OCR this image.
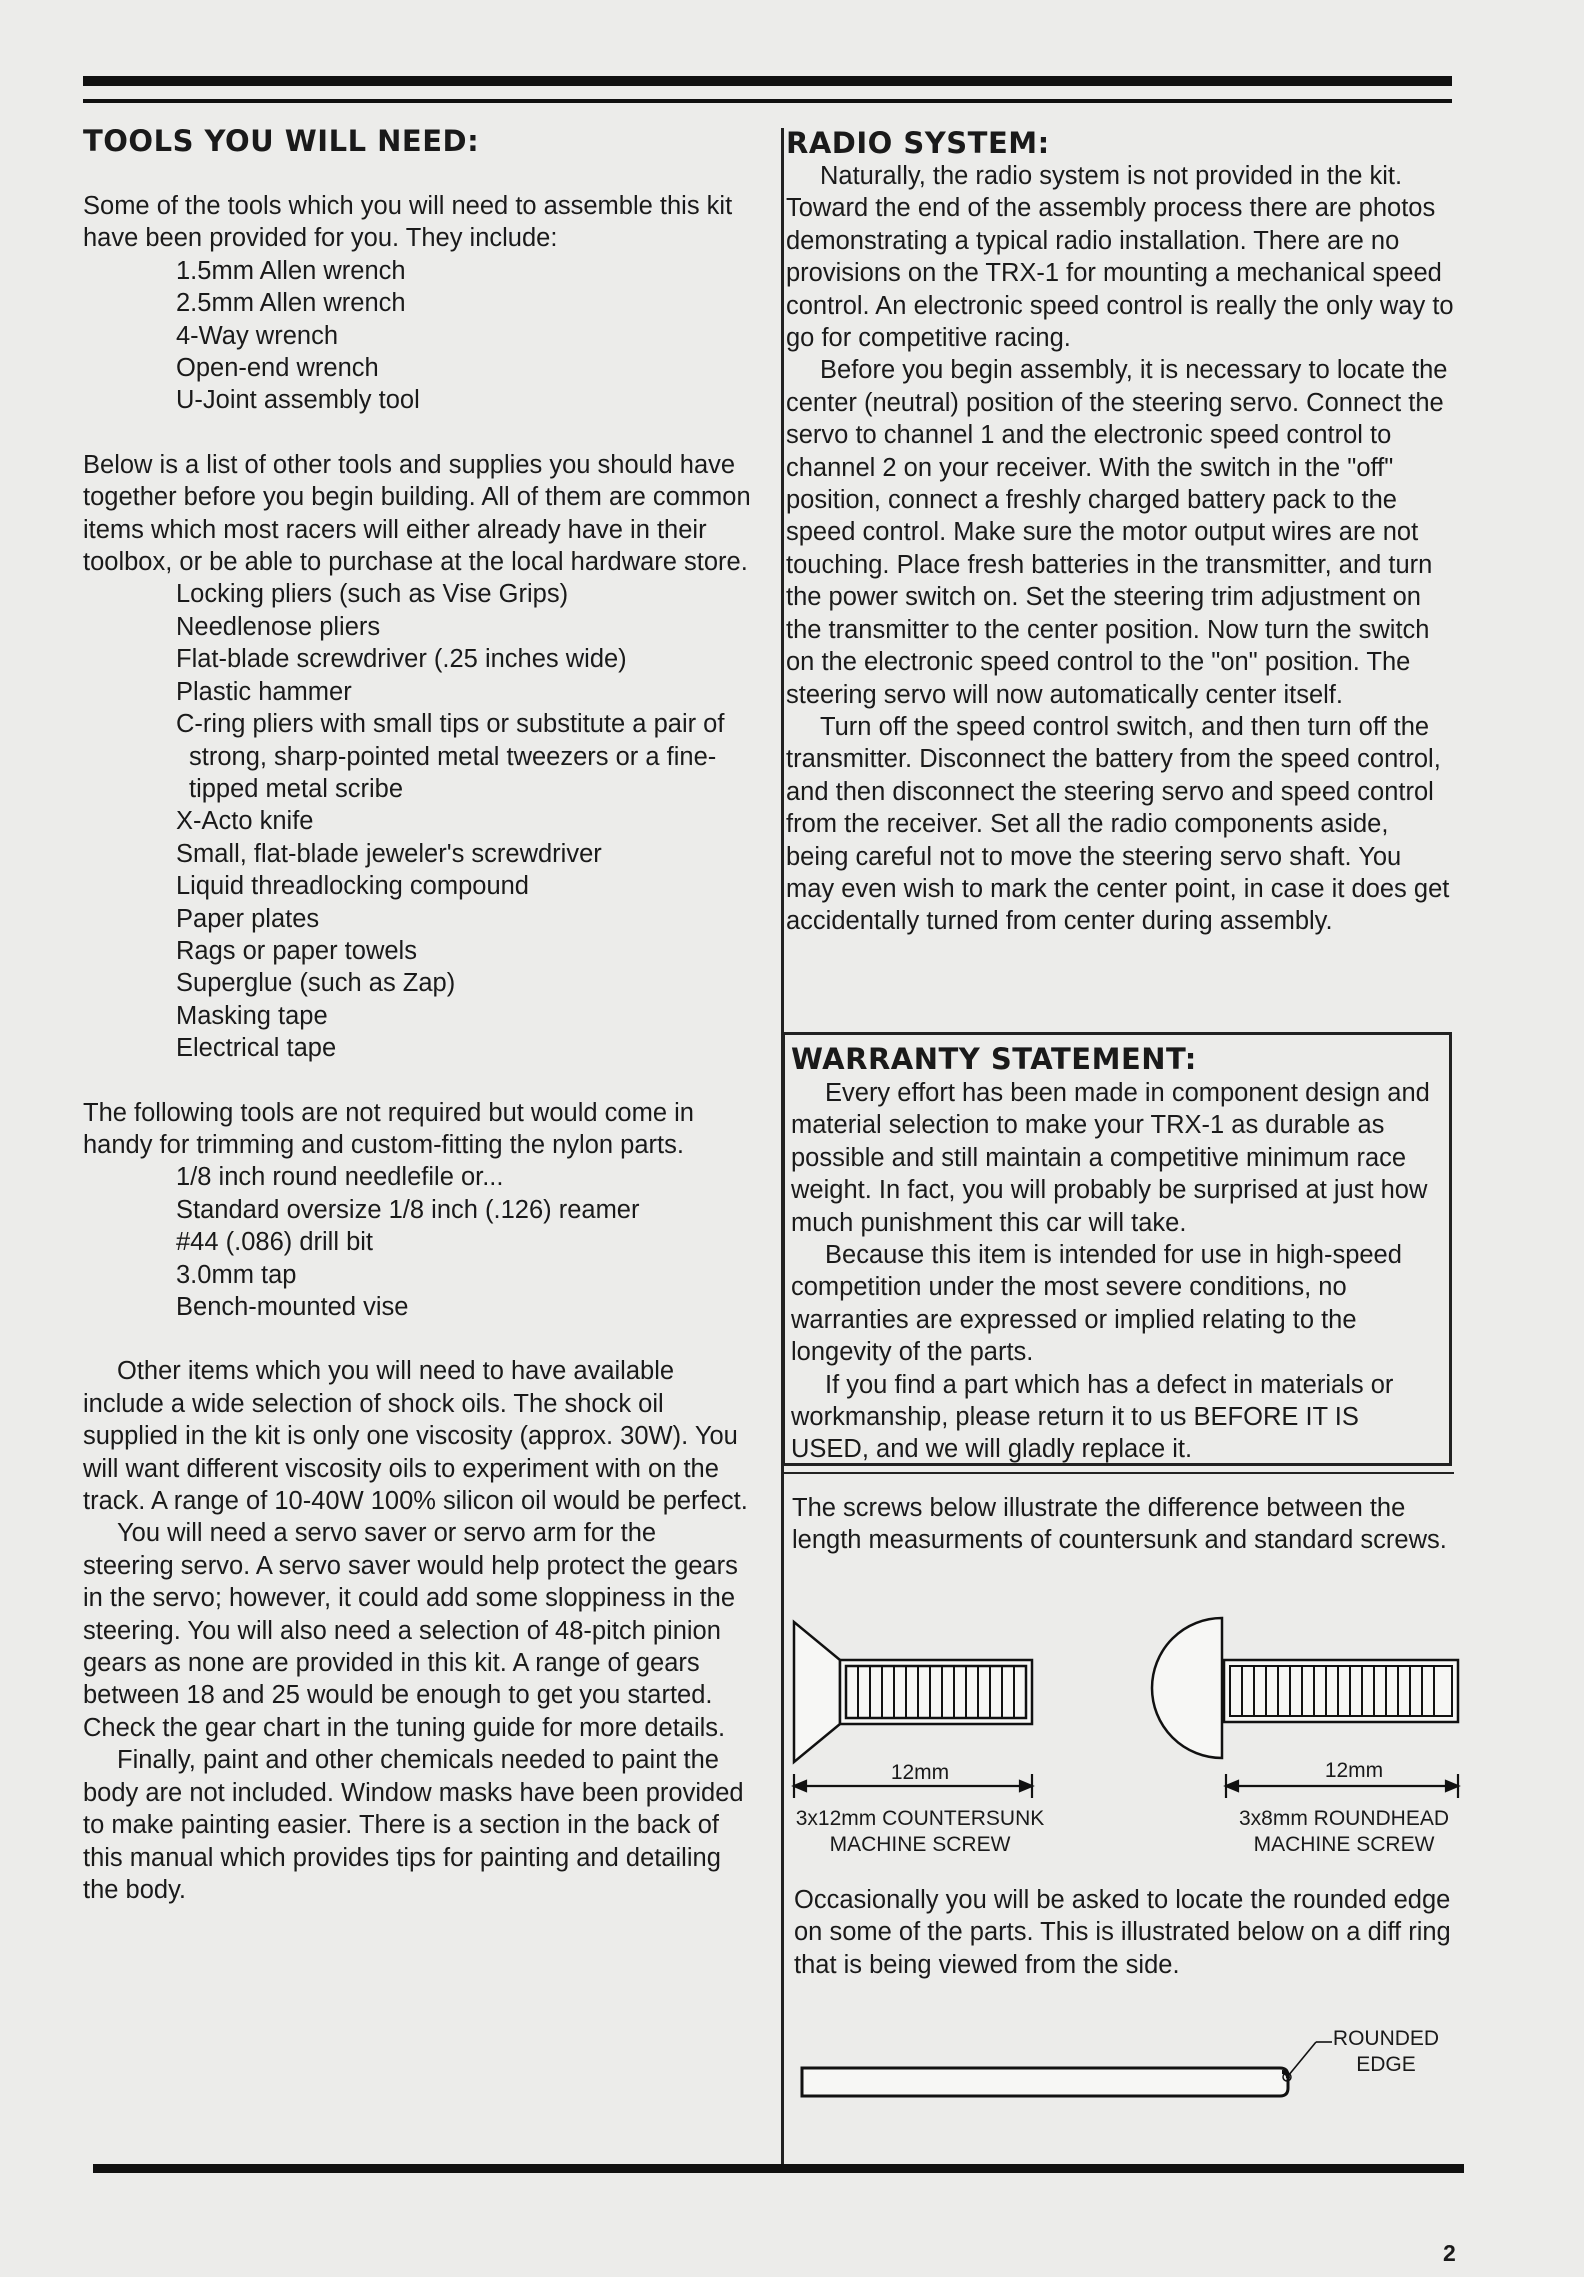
TOOLS YOU WILL NEED:

Some of the tools which you will need to assemble this kit have been provided for you. They include:

1.5mm Allen wrench
2.5mm Allen wrench
4-Way wrench
Open-end wrench
U-Joint assembly tool

Below is a list of other tools and supplies you should have together before you begin building. All of them are common items which most racers will either already have in their toolbox, or be able to purchase at the local hardware store.

Locking pliers (such as Vise Grips)
Needlenose pliers
Flat-blade screwdriver (.25 inches wide)
Plastic hammer
C-ring pliers with small tips or substitute a pair of strong, sharp-pointed metal tweezers or a fine-tipped metal scribe
X-Acto knife
Small, flat-blade jeweler's screwdriver
Liquid threadlocking compound
Paper plates
Rags or paper towels
Superglue (such as Zap)
Masking tape
Electrical tape

The following tools are not required but would come in handy for trimming and custom-fitting the nylon parts.

1/8 inch round needlefile or...
Standard oversize 1/8 inch (.126) reamer
#44 (.086) drill bit
3.0mm tap
Bench-mounted vise

Other items which you will need to have available include a wide selection of shock oils. The shock oil supplied in the kit is only one viscosity (approx. 30W). You will want different viscosity oils to experiment with on the track. A range of 10-40W 100% silicon oil would be perfect.

You will need a servo saver or servo arm for the steering servo. A servo saver would help protect the gears in the servo; however, it could add some sloppiness in the steering. You will also need a selection of 48-pitch pinion gears as none are provided in this kit. A range of gears between 18 and 25 would be enough to get you started. Check the gear chart in the tuning guide for more details.

Finally, paint and other chemicals needed to paint the body are not included. Window masks have been provided to make painting easier. There is a section in the back of this manual which provides tips for painting and detailing the body.

RADIO SYSTEM:

Naturally, the radio system is not provided in the kit. Toward the end of the assembly process there are photos demonstrating a typical radio installation. There are no provisions on the TRX-1 for mounting a mechanical speed control. An electronic speed control is really the only way to go for competitive racing.

Before you begin assembly, it is necessary to locate the center (neutral) position of the steering servo. Connect the servo to channel 1 and the electronic speed control to channel 2 on your receiver. With the switch in the "off" position, connect a freshly charged battery pack to the speed control. Make sure the motor output wires are not touching. Place fresh batteries in the transmitter, and turn the power switch on. Set the steering trim adjustment on the transmitter to the center position. Now turn the switch on the electronic speed control to the "on" position. The steering servo will now automatically center itself.

Turn off the speed control switch, and then turn off the transmitter. Disconnect the battery from the speed control, and then disconnect the steering servo and speed control from the receiver. Set all the radio components aside, being careful not to move the steering servo shaft. You may even wish to mark the center point, in case it does get accidentally turned from center during assembly.

WARRANTY STATEMENT:

Every effort has been made in component design and material selection to make your TRX-1 as durable as possible and still maintain a competitive minimum race weight. In fact, you will probably be surprised at just how much punishment this car will take.

Because this item is intended for use in high-speed competition under the most severe conditions, no warranties are expressed or implied relating to the longevity of the parts.

If you find a part which has a defect in materials or workmanship, please return it to us BEFORE IT IS USED, and we will gladly replace it.

The screws below illustrate the difference between the length measurments of countersunk and standard screws.

12mm
3x12mm COUNTERSUNK
MACHINE SCREW
12mm
3x8mm ROUNDHEAD
MACHINE SCREW

Occasionally you will be asked to locate the rounded edge on some of the parts. This is illustrated below on a diff ring that is being viewed from the side.

ROUNDED
EDGE
2
